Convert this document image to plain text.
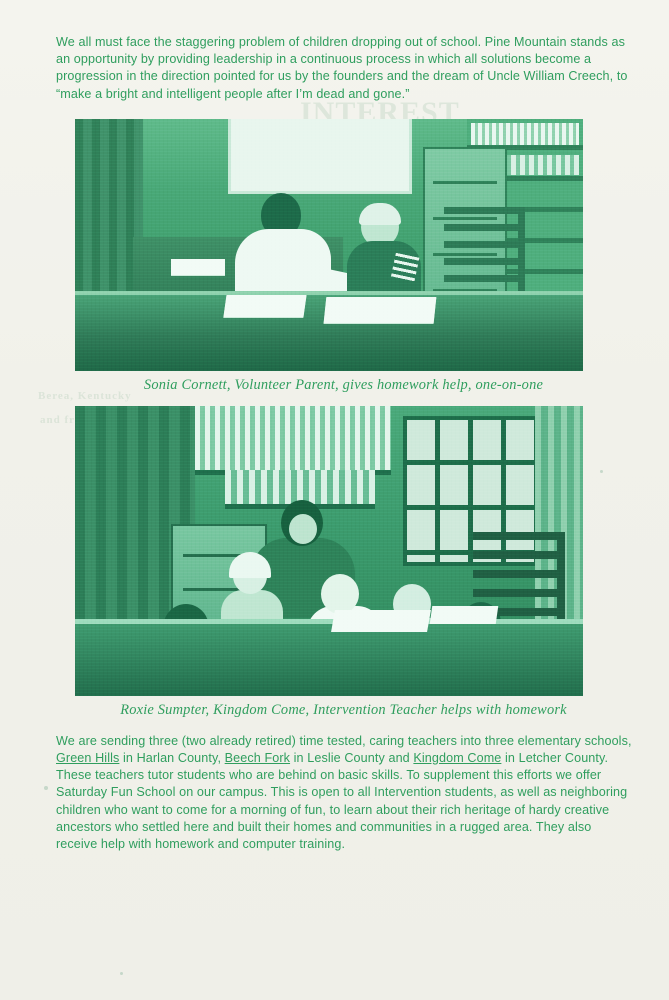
INTEREST
Berea, Kentucky
and friends

We all must face the staggering problem of children dropping out of school. Pine Mountain stands as an opportunity by providing leadership in a continuous process in which all solutions become a progression in the direction pointed for us by the founders and the dream of Uncle William Creech, to “make a bright and intelligent people after I’m dead and gone.”

Sonia Cornett, Volunteer Parent, gives homework help, one-on-one

Roxie Sumpter, Kingdom Come, Intervention Teacher helps with homework

We are sending three (two already retired) time tested, caring teachers into three elementary schools, Green Hills in Harlan County, Beech Fork in Leslie County and Kingdom Come in Letcher County. These teachers tutor students who are behind on basic skills. To supplement this efforts we offer Saturday Fun School on our campus. This is open to all Intervention students, as well as neighboring children who want to come for a morning of fun, to learn about their rich heritage of hardy creative ancestors who settled here and built their homes and communities in a rugged area. They also receive help with homework and computer training.
